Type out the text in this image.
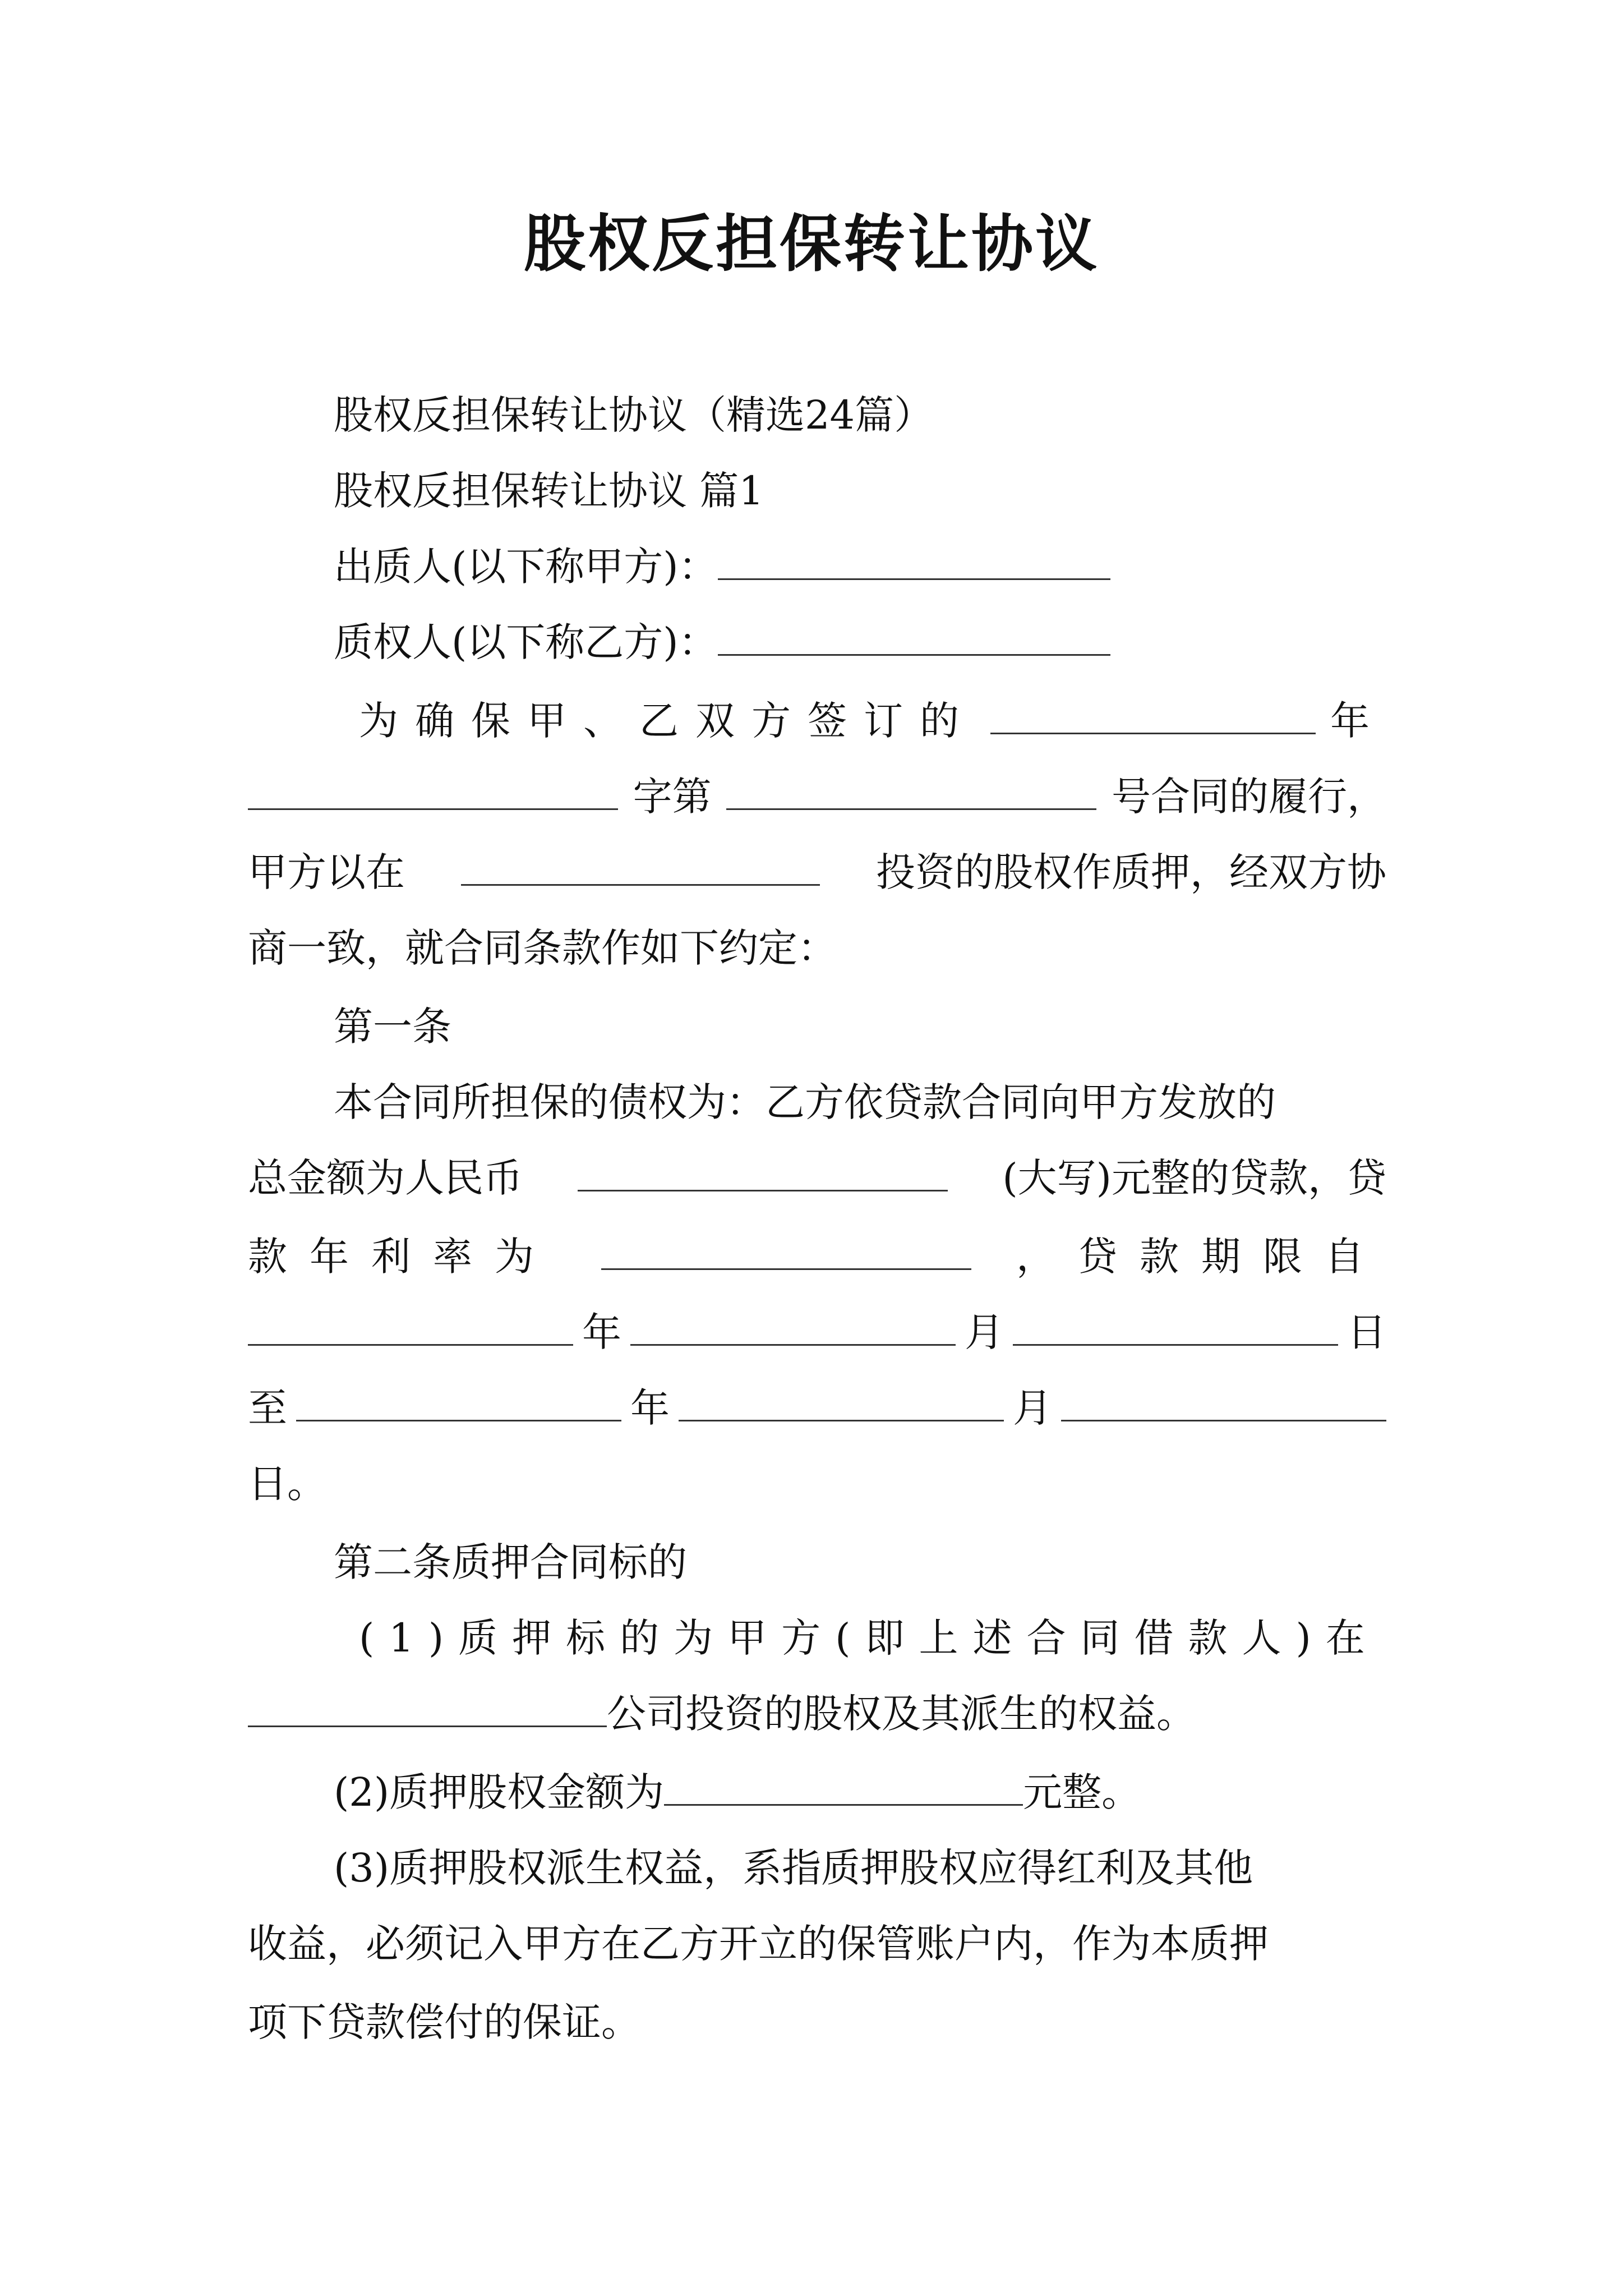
股权反担保转让协议

股权反担保转让协议（精选24篇）

股权反担保转让协议 篇1

出质人(以下称甲方)：

质权人(以下称乙方)：

为确保甲、乙双方签订的	年

字第	号合同的履行，

甲方以在	投资的股权作质押，经双方协

商一致，就合同条款作如下约定：

第一条

本合同所担保的债权为：乙方依贷款合同向甲方发放的

总金额为人民币	(大写)元整的贷款，贷

款年利率为	，贷款期限自

年	月	日

至	年	月

日。

第二条质押合同标的

(1)质押标的为甲方(即上述合同借款人)在

公司投资的股权及其派生的权益。

(2)质押股权金额为	元整。

(3)质押股权派生权益，系指质押股权应得红利及其他

收益，必须记入甲方在乙方开立的保管账户内，作为本质押

项下贷款偿付的保证。
